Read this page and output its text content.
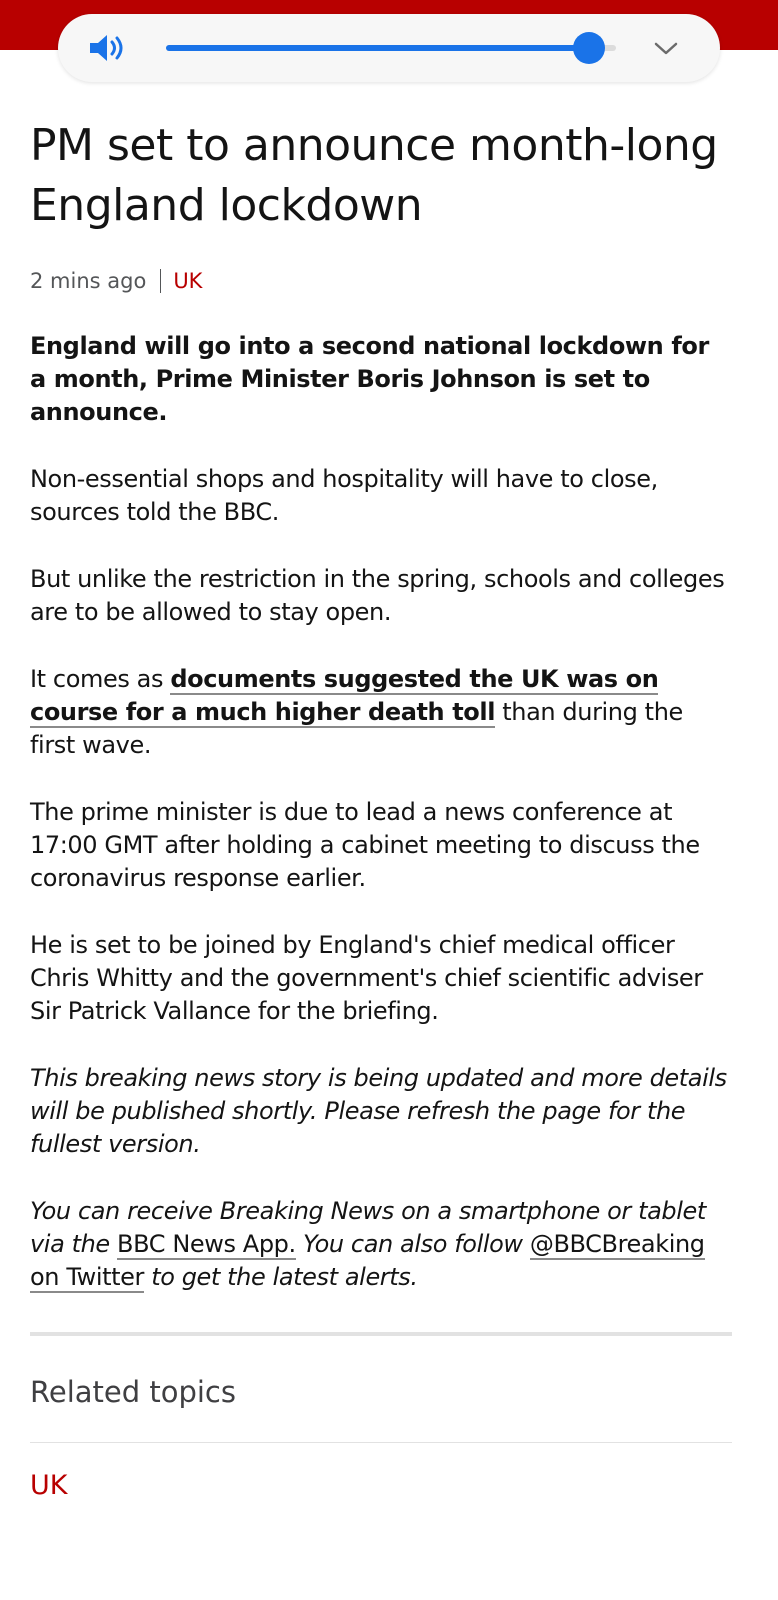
PM set to announce month-long England lockdown
2 mins ago UK

England will go into a second national lockdown for a month, Prime Minister Boris Johnson is set to announce.

Non-essential shops and hospitality will have to close, sources told the BBC.

But unlike the restriction in the spring, schools and colleges are to be allowed to stay open.

It comes as documents suggested the UK was on course for a much higher death toll than during the first wave.

The prime minister is due to lead a news conference at 17:00 GMT after holding a cabinet meeting to discuss the coronavirus response earlier.

He is set to be joined by England's chief medical officer Chris Whitty and the government's chief scientific adviser Sir Patrick Vallance for the briefing.

This breaking news story is being updated and more details will be published shortly. Please refresh the page for the fullest version.

You can receive Breaking News on a smartphone or tablet via the BBC News App. You can also follow @BBCBreaking on Twitter to get the latest alerts.

Related topics
UK
